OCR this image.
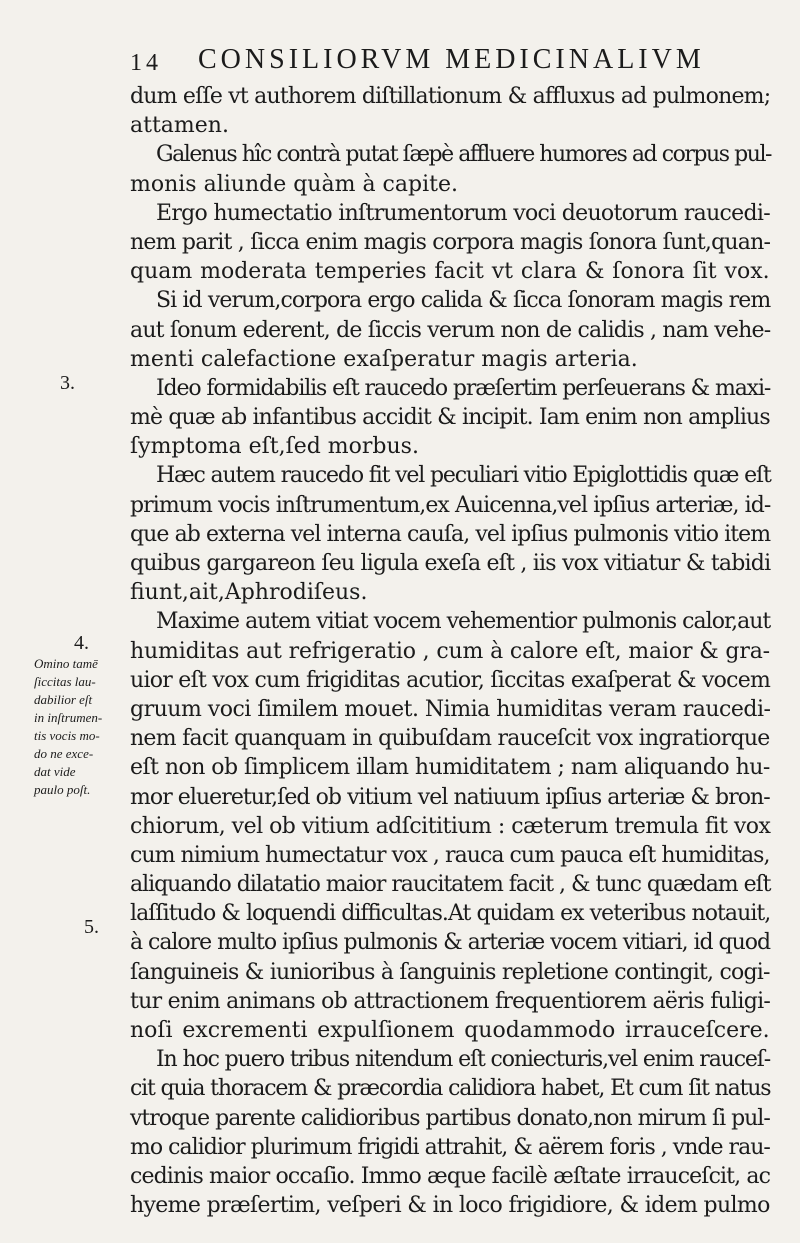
14 CONSILIORVM MEDICINALIVM
dum eſſe vt authorem diſtillationum & affluxus ad pulmonem;
attamen.
Galenus hîc contrà putat ſæpè affluere humores ad corpus pul-
monis aliunde quàm à capite.
Ergo humectatio inſtrumentorum voci deuotorum raucedi-
nem parit , ſicca enim magis corpora magis ſonora ſunt,quan-
quam moderata temperies facit vt clara & ſonora ſit vox.
Si id verum,corpora ergo calida & ſicca ſonoram magis rem
aut ſonum ederent, de ſiccis verum non de calidis , nam vehe-
menti calefactione exaſperatur magis arteria.
Ideo formidabilis eſt raucedo præſertim perſeuerans & maxi-
mè quæ ab infantibus accidit & incipit. Iam enim non amplius
ſymptoma eſt,ſed morbus.
Hæc autem raucedo fit vel peculiari vitio Epiglottidis quæ eſt
primum vocis inſtrumentum,ex Auicenna,vel ipſius arteriæ, id-
que ab externa vel interna cauſa, vel ipſius pulmonis vitio item
quibus gargareon ſeu ligula exeſa eſt , iis vox vitiatur & tabidi
fiunt,ait,Aphrodiſeus.
Maxime autem vitiat vocem vehementior pulmonis calor,aut
humiditas aut refrigeratio , cum à calore eſt, maior & gra-
uior eſt vox cum frigiditas acutior, ſiccitas exaſperat & vocem
gruum voci ſimilem mouet. Nimia humiditas veram raucedi-
nem facit quanquam in quibuſdam rauceſcit vox ingratiorque
eſt non ob ſimplicem illam humiditatem ; nam aliquando hu-
mor elueretur,ſed ob vitium vel natiuum ipſius arteriæ & bron-
chiorum, vel ob vitium adſcititium : cæterum tremula fit vox
cum nimium humectatur vox , rauca cum pauca eſt humiditas,
aliquando dilatatio maior raucitatem facit , & tunc quædam eſt
laſſitudo & loquendi difficultas.At quidam ex veteribus notauit,
à calore multo ipſius pulmonis & arteriæ vocem vitiari, id quod
ſanguineis & iunioribus à ſanguinis repletione contingit, cogi-
tur enim animans ob attractionem frequentiorem aëris fuligi-
noſi excrementi expulſionem quodammodo irrauceſcere.
In hoc puero tribus nitendum eſt coniecturis,vel enim rauceſ-
cit quia thoracem & præcordia calidiora habet, Et cum ſit natus
vtroque parente calidioribus partibus donato,non mirum ſi pul-
mo calidior plurimum frigidi attrahit, & aërem foris , vnde rau-
cedinis maior occaſio. Immo æque facilè æſtate irrauceſcit, ac
hyeme præſertim, veſperi & in loco frigidiore, & idem pulmo
3.
4.
5.
Omino tamē
ſiccitas lau-
dabilior eſt
in inſtrumen-
tis vocis mo-
do ne exce-
dat vide
paulo poſt.
